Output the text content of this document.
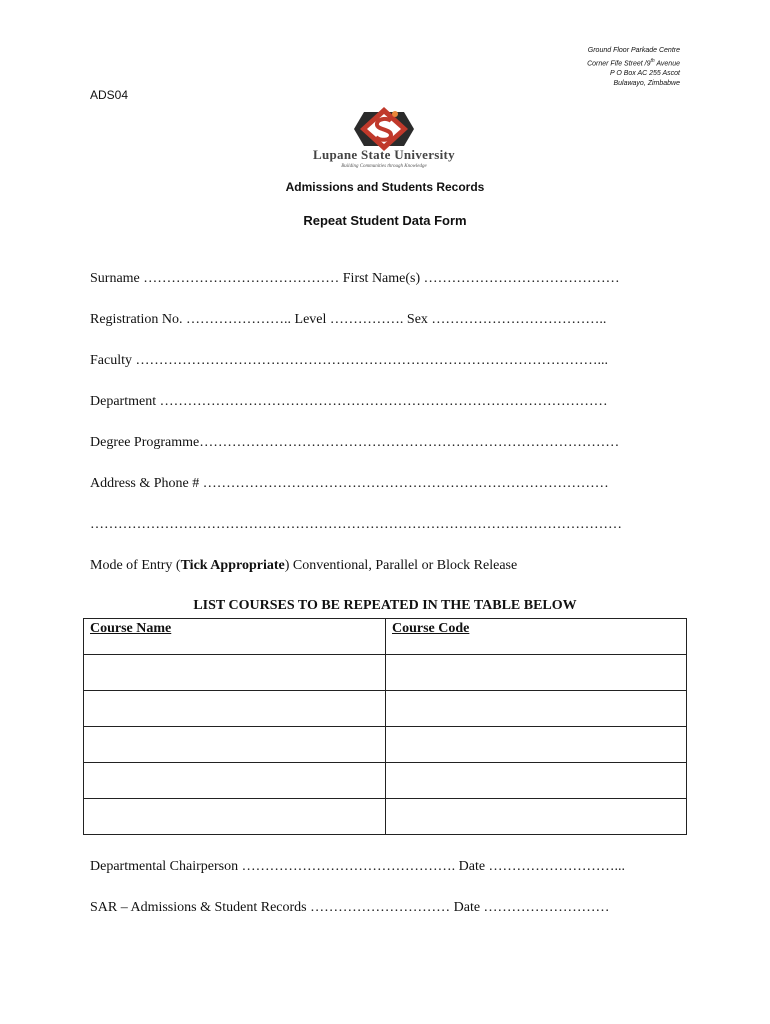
Ground Floor Parkade Centre
Corner Fife Street /9th Avenue
P O Box AC 255 Ascot
Bulawayo, Zimbabwe
ADS04
Lupane State University
Building Communities through Knowledge
Admissions and Students Records
Repeat Student Data Form
Surname …………………………………… First Name(s) ……………………………………
Registration No. ………………….. Level ……………. Sex ………………………………..
Faculty ………………………………………………………………………………………...
Department ……………………………………………………………………………………
Degree Programme………………………………………………………………………………
Address & Phone # ……………………………………………………………………………
……………………………………………………………………………………………………
Mode of Entry (Tick Appropriate) Conventional, Parallel or Block Release
LIST COURSES TO BE REPEATED IN THE TABLE BELOW
Course Name	Course Code

Departmental Chairperson ………………………………………. Date ………………………...
SAR – Admissions & Student Records ………………………… Date ………………………
